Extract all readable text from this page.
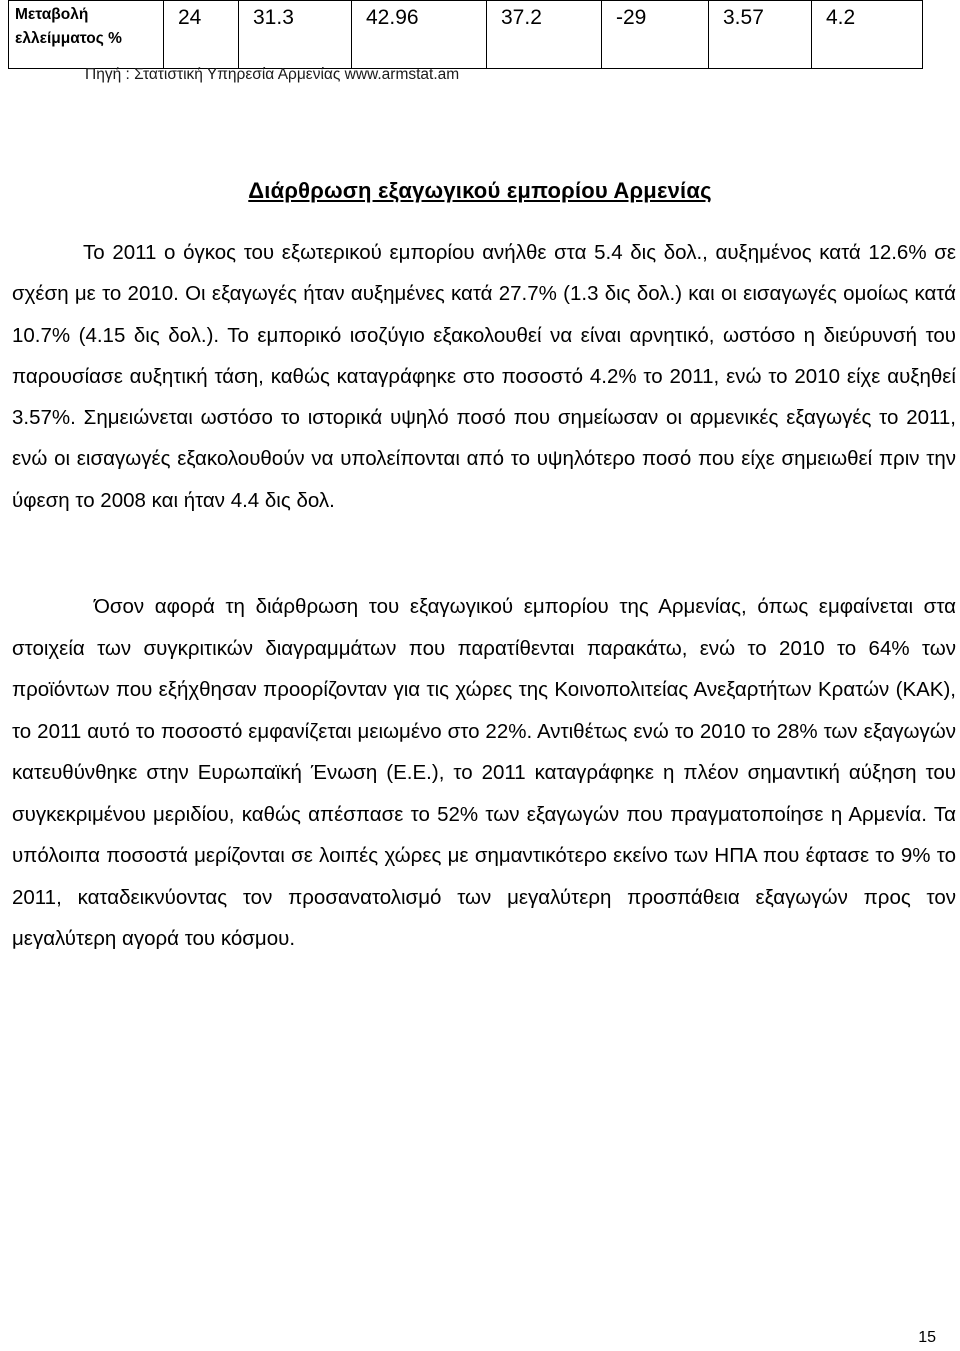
Μεταβολή ελλείμματος %	24	31.3	42.96	37.2	-29	3.57	4.2
Πηγή : Στατιστική Υπηρεσία Αρμενίας www.armstat.am
Διάρθρωση εξαγωγικού εμπορίου Αρμενίας
Το 2011 ο όγκος του εξωτερικού εμπορίου ανήλθε στα 5.4 δις δολ., αυξημένος κατά 12.6% σε σχέση με το 2010. Οι εξαγωγές ήταν αυξημένες κατά 27.7% (1.3 δις δολ.) και οι εισαγωγές ομοίως κατά 10.7% (4.15 δις δολ.). Το εμπορικό ισοζύγιο εξακολουθεί να είναι αρνητικό, ωστόσο η διεύρυνσή του παρουσίασε αυξητική τάση, καθώς καταγράφηκε στο ποσοστό 4.2% το 2011, ενώ το 2010 είχε αυξηθεί 3.57%. Σημειώνεται ωστόσο το ιστορικά υψηλό ποσό που σημείωσαν οι αρμενικές εξαγωγές το 2011, ενώ οι εισαγωγές εξακολουθούν να υπολείπονται από το υψηλότερο ποσό που είχε σημειωθεί πριν την ύφεση το 2008 και ήταν 4.4 δις δολ.
Όσον αφορά τη διάρθρωση του εξαγωγικού εμπορίου της Αρμενίας, όπως εμφαίνεται στα στοιχεία των συγκριτικών διαγραμμάτων που παρατίθενται παρακάτω, ενώ το 2010 το 64% των προϊόντων που εξήχθησαν προορίζονταν για τις χώρες της Κοινοπολιτείας Ανεξαρτήτων Κρατών (ΚΑΚ), το 2011 αυτό το ποσοστό εμφανίζεται μειωμένο στο 22%. Αντιθέτως ενώ το 2010 το 28% των εξαγωγών κατευθύνθηκε στην Ευρωπαϊκή Ένωση (Ε.Ε.), το 2011 καταγράφηκε η πλέον σημαντική αύξηση του συγκεκριμένου μεριδίου, καθώς απέσπασε το 52% των εξαγωγών που πραγματοποίησε η Αρμενία. Τα υπόλοιπα ποσοστά μερίζονται σε λοιπές χώρες με σημαντικότερο εκείνο των ΗΠΑ που έφτασε το 9% το 2011, καταδεικνύοντας τον προσανατολισμό των μεγαλύτερη προσπάθεια εξαγωγών προς τον μεγαλύτερη αγορά του κόσμου.
15
